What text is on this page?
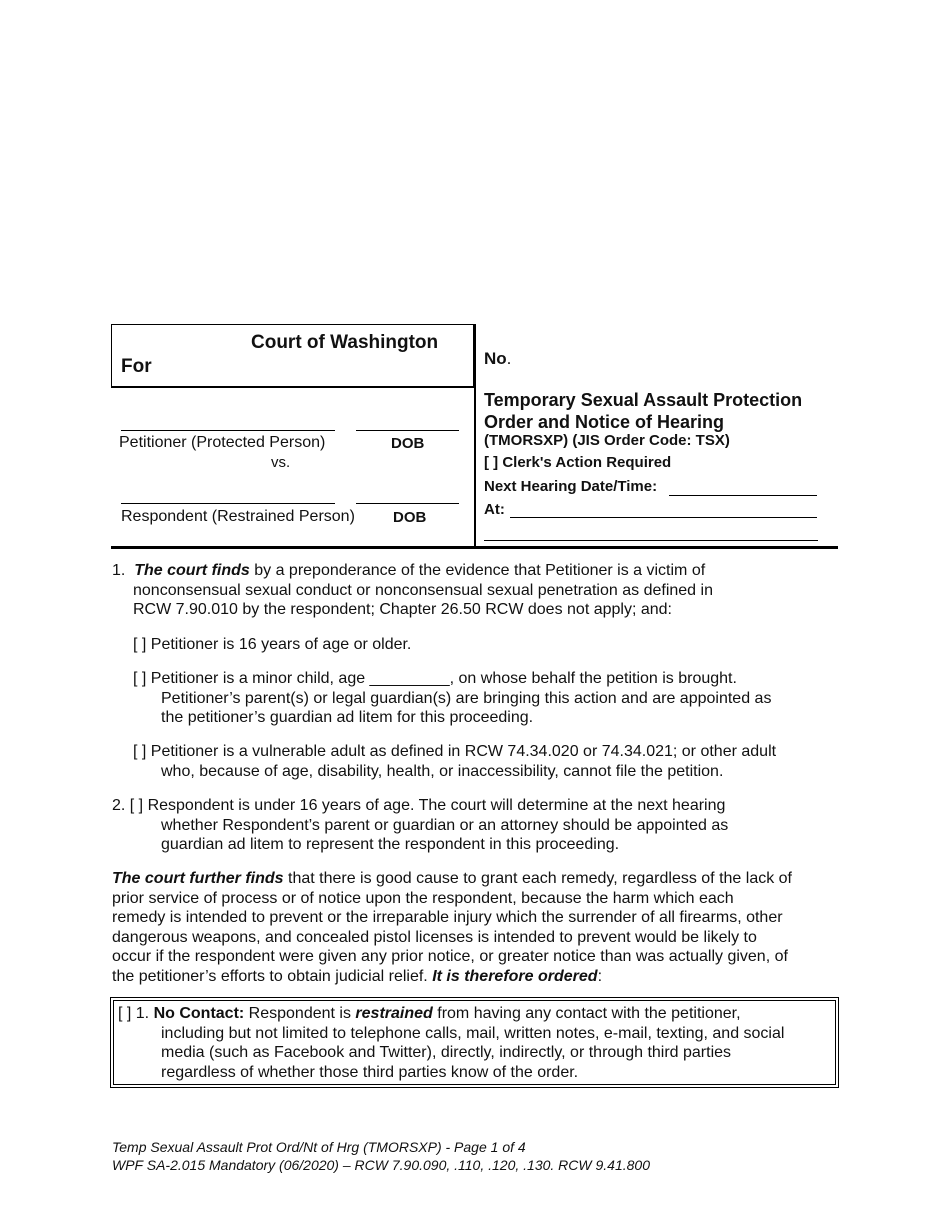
Court of Washington
For
Petitioner (Protected Person)	DOB
vs.
Respondent (Restrained Person)	DOB
No.
Temporary Sexual Assault Protection
Order and Notice of Hearing
(TMORSXP) (JIS Order Code: TSX)
[ ] Clerk's Action Required
Next Hearing Date/Time:
At:
1. The court finds by a preponderance of the evidence that Petitioner is a victim of
nonconsensual sexual conduct or nonconsensual sexual penetration as defined in
RCW 7.90.010 by the respondent; Chapter 26.50 RCW does not apply; and:
[ ] Petitioner is 16 years of age or older.
[ ] Petitioner is a minor child, age _________, on whose behalf the petition is brought.
Petitioner’s parent(s) or legal guardian(s) are bringing this action and are appointed as
the petitioner’s guardian ad litem for this proceeding.
[ ] Petitioner is a vulnerable adult as defined in RCW 74.34.020 or 74.34.021; or other adult
who, because of age, disability, health, or inaccessibility, cannot file the petition.
2. [ ] Respondent is under 16 years of age. The court will determine at the next hearing
whether Respondent’s parent or guardian or an attorney should be appointed as
guardian ad litem to represent the respondent in this proceeding.
The court further finds that there is good cause to grant each remedy, regardless of the lack of
prior service of process or of notice upon the respondent, because the harm which each
remedy is intended to prevent or the irreparable injury which the surrender of all firearms, other
dangerous weapons, and concealed pistol licenses is intended to prevent would be likely to
occur if the respondent were given any prior notice, or greater notice than was actually given, of
the petitioner’s efforts to obtain judicial relief. It is therefore ordered:
[ ] 1. No Contact: Respondent is restrained from having any contact with the petitioner,
including but not limited to telephone calls, mail, written notes, e-mail, texting, and social
media (such as Facebook and Twitter), directly, indirectly, or through third parties
regardless of whether those third parties know of the order.
Temp Sexual Assault Prot Ord/Nt of Hrg (TMORSXP) - Page 1 of 4
WPF SA-2.015 Mandatory (06/2020) – RCW 7.90.090, .110, .120, .130. RCW 9.41.800
